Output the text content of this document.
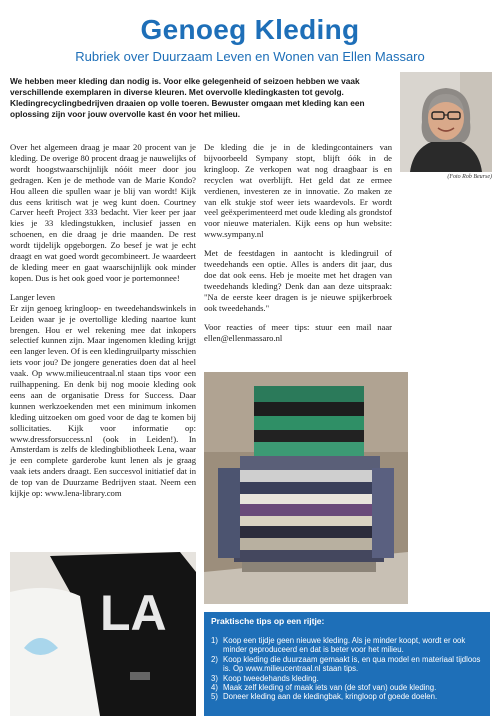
Genoeg Kleding
Rubriek over Duurzaam Leven en Wonen van Ellen Massaro
We hebben meer kleding dan nodig is. Voor elke gelegenheid of seizoen hebben we vaak verschillende exemplaren in diverse kleuren. Met overvolle kledingkasten tot gevolg. Kledingrecyclingbedrijven draaien op volle toeren. Bewuster omgaan met kleding kan een oplossing zijn voor jouw overvolle kast én voor het milieu.
(Foto Rob Beurse)

Over het algemeen draag je maar 20 procent van je kleding. De overige 80 procent draag je nauwelijks of wordt hoogstwaarschijnlijk nóóit meer door jou gedragen. Ken je de methode van de Marie Kondo? Hou alleen die spullen waar je blij van wordt! Kijk dus eens kritisch wat je weg kunt doen. Courtney Carver heeft Project 333 bedacht. Vier keer per jaar kies je 33 kledingstukken, inclusief jassen en schoenen, en die draag je drie maanden. De rest wordt tijdelijk opgeborgen. Zo besef je wat je echt draagt en wat goed wordt gecombineert. Je waardeert de kleding meer en gaat waarschijnlijk ook minder kopen. Dus is het ook goed voor je portemonnee!

Langer leven

Er zijn genoeg kringloop- en tweedehandswinkels in Leiden waar je je overtollige kleding naartoe kunt brengen. Hou er wel rekening mee dat inkopers selectief kunnen zijn. Maar ingenomen kleding krijgt een langer leven. Of is een kledingruilparty misschien iets voor jou? De jongere generaties doen dat al heel vaak. Op www.milieucentraal.nl staan tips voor een ruilhappening. En denk bij nog mooie kleding ook eens aan de organisatie Dress for Success. Daar kunnen werkzoekenden met een minimum inkomen kleding uitzoeken om goed voor de dag te komen bij sollicitaties. Kijk voor informatie op: www.dressforsuccess.nl (ook in Leiden!). In Amsterdam is zelfs de kledingbibliotheek Lena, waar je een complete garderobe kunt lenen als je graag vaak iets anders draagt. Een succesvol initiatief dat in de top van de Duurzame Bedrijven staat. Neem een kijkje op: www.lena-library.com

De kleding die je in de kledingcontainers van bijvoorbeeld Sympany stopt, blijft óók in de kringloop. Ze verkopen wat nog draagbaar is en recyclen wat overblijft. Het geld dat ze ermee verdienen, investeren ze in innovatie. Zo maken ze van elk stukje stof weer iets waardevols. Er wordt veel geëxperimenteerd met oude kleding als grondstof voor nieuwe materialen. Kijk eens op hun website: www.sympany.nl

Met de feestdagen in aantocht is kledingruil of tweedehands een optie. Alles is anders dit jaar, dus doe dat ook eens. Heb je moeite met het dragen van tweedehands kleding? Denk dan aan deze uitspraak: "Na de eerste keer dragen is je nieuwe spijkerbroek ook tweedehands."

Voor reacties of meer tips: stuur een mail naar ellen@ellenmassaro.nl

LA	Praktische tips op een rijtje:
1) Koop een tijdje geen nieuwe kleding. Als je minder koopt, wordt er ook minder geproduceerd en dat is beter voor het milieu.
2) Koop kleding die duurzaam gemaakt is, en qua model en materiaal tijdloos is. Op www.milieucentraal.nl staan tips.
3) Koop tweedehands kleding.
4) Maak zelf kleding of maak iets van (de stof van) oude kleding.
5) Doneer kleding aan de kledingbak, kringloop of goede doelen.
